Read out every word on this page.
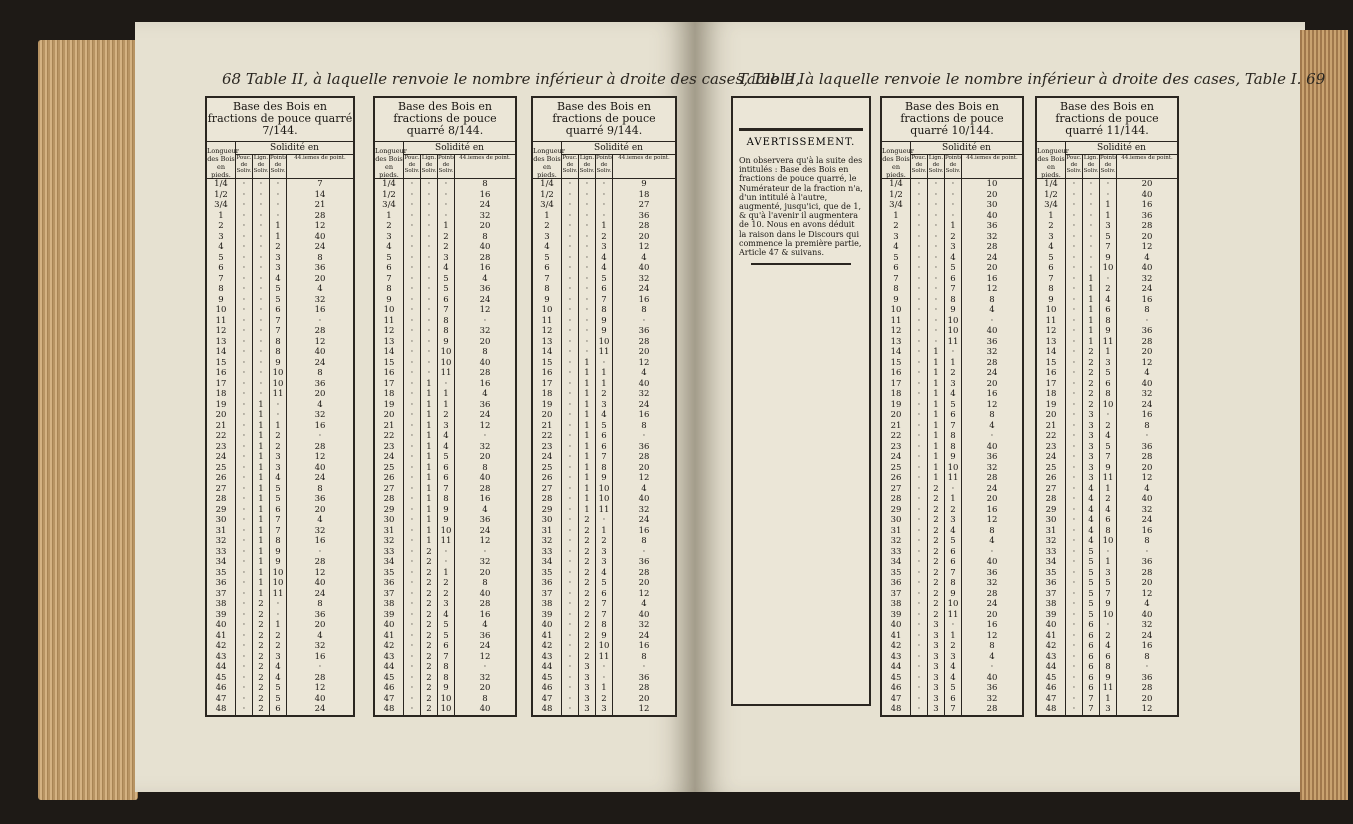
68 Table II, à laquelle renvoie le nombre inférieur à droite des cases, Table I.
Table II, à laquelle renvoie le nombre inférieur à droite des cases, Table I. 69
Base des Bois en fractions de pouce quarré 7/144.
Longueur des Bois en pieds.
Solidité en
Pouc. de Soliv.
Lign. de Soliv.
Points de Soliv.
44.iemes de point.
1/4	·	·	·	7
1/2	·	·	·	14
3/4	·	·	·	21
1	·	·	·	28
2	·	·	1	12
3	·	·	1	40
4	·	·	2	24
5	·	·	3	8
6	·	·	3	36
7	·	·	4	20
8	·	·	5	4
9	·	·	5	32
10	·	·	6	16
11	·	·	7	·
12	·	·	7	28
13	·	·	8	12
14	·	·	8	40
15	·	·	9	24
16	·	·	10	8
17	·	·	10	36
18	·	·	11	20
19	·	1	·	4
20	·	1	·	32
21	·	1	1	16
22	·	1	2	·
23	·	1	2	28
24	·	1	3	12
25	·	1	3	40
26	·	1	4	24
27	·	1	5	8
28	·	1	5	36
29	·	1	6	20
30	·	1	7	4
31	·	1	7	32
32	·	1	8	16
33	·	1	9	·
34	·	1	9	28
35	·	1	10	12
36	·	1	10	40
37	·	1	11	24
38	·	2	·	8
39	·	2	·	36
40	·	2	1	20
41	·	2	2	4
42	·	2	2	32
43	·	2	3	16
44	·	2	4	·
45	·	2	4	28
46	·	2	5	12
47	·	2	5	40
48	·	2	6	24
Base des Bois en fractions de pouce quarré 8/144.
Longueur des Bois en pieds.
Solidité en
Pouc. de Soliv.
Lign. de Soliv.
Points de Soliv.
44.iemes de point.
1/4	·	·	·	8
1/2	·	·	·	16
3/4	·	·	·	24
1	·	·	·	32
2	·	·	1	20
3	·	·	2	8
4	·	·	2	40
5	·	·	3	28
6	·	·	4	16
7	·	·	5	4
8	·	·	5	36
9	·	·	6	24
10	·	·	7	12
11	·	·	8	·
12	·	·	8	32
13	·	·	9	20
14	·	·	10	8
15	·	·	10	40
16	·	·	11	28
17	·	1	·	16
18	·	1	1	4
19	·	1	1	36
20	·	1	2	24
21	·	1	3	12
22	·	1	4	·
23	·	1	4	32
24	·	1	5	20
25	·	1	6	8
26	·	1	6	40
27	·	1	7	28
28	·	1	8	16
29	·	1	9	4
30	·	1	9	36
31	·	1	10	24
32	·	1	11	12
33	·	2	·	·
34	·	2	·	32
35	·	2	1	20
36	·	2	2	8
37	·	2	2	40
38	·	2	3	28
39	·	2	4	16
40	·	2	5	4
41	·	2	5	36
42	·	2	6	24
43	·	2	7	12
44	·	2	8	·
45	·	2	8	32
46	·	2	9	20
47	·	2	10	8
48	·	2	10	40
Base des Bois en fractions de pouce quarré 9/144.
Longueur des Bois en pieds.
Solidité en
Pouc. de Soliv.
Lign. de Soliv.
Points de Soliv.
44.iemes de point.
1/4	·	·	·	9
1/2	·	·	·	18
3/4	·	·	·	27
1	·	·	·	36
2	·	·	1	28
3	·	·	2	20
4	·	·	3	12
5	·	·	4	4
6	·	·	4	40
7	·	·	5	32
8	·	·	6	24
9	·	·	7	16
10	·	·	8	8
11	·	·	9	·
12	·	·	9	36
13	·	·	10	28
14	·	·	11	20
15	·	1	·	12
16	·	1	1	4
17	·	1	1	40
18	·	1	2	32
19	·	1	3	24
20	·	1	4	16
21	·	1	5	8
22	·	1	6	·
23	·	1	6	36
24	·	1	7	28
25	·	1	8	20
26	·	1	9	12
27	·	1	10	4
28	·	1	10	40
29	·	1	11	32
30	·	2	·	24
31	·	2	1	16
32	·	2	2	8
33	·	2	3	·
34	·	2	3	36
35	·	2	4	28
36	·	2	5	20
37	·	2	6	12
38	·	2	7	4
39	·	2	7	40
40	·	2	8	32
41	·	2	9	24
42	·	2	10	16
43	·	2	11	8
44	·	3	·	·
45	·	3	·	36
46	·	3	1	28
47	·	3	2	20
48	·	3	3	12
AVERTISSEMENT.
On observera qu'à la suite des intitulés : Base des Bois en fractions de pouce quarré, le Numérateur de la fraction n'a, d'un intitulé à l'autre, augmenté, jusqu'ici, que de 1, & qu'à l'avenir il augmentera de 10. Nous en avons déduit la raison dans le Discours qui commence la première partie, Article 47 & suivans.
Base des Bois en fractions de pouce quarré 10/144.
Longueur des Bois en pieds.
Solidité en
Pouc. de Soliv.
Lign. de Soliv.
Points de Soliv.
44.iemes de point.
1/4	·	·	·	10
1/2	·	·	·	20
3/4	·	·	·	30
1	·	·	·	40
2	·	·	1	36
3	·	·	2	32
4	·	·	3	28
5	·	·	4	24
6	·	·	5	20
7	·	·	6	16
8	·	·	7	12
9	·	·	8	8
10	·	·	9	4
11	·	·	10	·
12	·	·	10	40
13	·	·	11	36
14	·	1	·	32
15	·	1	1	28
16	·	1	2	24
17	·	1	3	20
18	·	1	4	16
19	·	1	5	12
20	·	1	6	8
21	·	1	7	4
22	·	1	8	·
23	·	1	8	40
24	·	1	9	36
25	·	1	10	32
26	·	1	11	28
27	·	2	·	24
28	·	2	1	20
29	·	2	2	16
30	·	2	3	12
31	·	2	4	8
32	·	2	5	4
33	·	2	6	·
34	·	2	6	40
35	·	2	7	36
36	·	2	8	32
37	·	2	9	28
38	·	2	10	24
39	·	2	11	20
40	·	3	·	16
41	·	3	1	12
42	·	3	2	8
43	·	3	3	4
44	·	3	4	·
45	·	3	4	40
46	·	3	5	36
47	·	3	6	32
48	·	3	7	28
Base des Bois en fractions de pouce quarré 11/144.
Longueur des Bois en pieds.
Solidité en
Pouc. de Soliv.
Lign. de Soliv.
Points de Soliv.
44.iemes de point.
1/4	·	·	·	20
1/2	·	·	·	40
3/4	·	·	1	16
1	·	·	1	36
2	·	·	3	28
3	·	·	5	20
4	·	·	7	12
5	·	·	9	4
6	·	·	10	40
7	·	1	·	32
8	·	1	2	24
9	·	1	4	16
10	·	1	6	8
11	·	1	8	·
12	·	1	9	36
13	·	1	11	28
14	·	2	1	20
15	·	2	3	12
16	·	2	5	4
17	·	2	6	40
18	·	2	8	32
19	·	2	10	24
20	·	3	·	16
21	·	3	2	8
22	·	3	4	·
23	·	3	5	36
24	·	3	7	28
25	·	3	9	20
26	·	3	11	12
27	·	4	1	4
28	·	4	2	40
29	·	4	4	32
30	·	4	6	24
31	·	4	8	16
32	·	4	10	8
33	·	5	·	·
34	·	5	1	36
35	·	5	3	28
36	·	5	5	20
37	·	5	7	12
38	·	5	9	4
39	·	5	10	40
40	·	6	·	32
41	·	6	2	24
42	·	6	4	16
43	·	6	6	8
44	·	6	8	·
45	·	6	9	36
46	·	6	11	28
47	·	7	1	20
48	·	7	3	12
